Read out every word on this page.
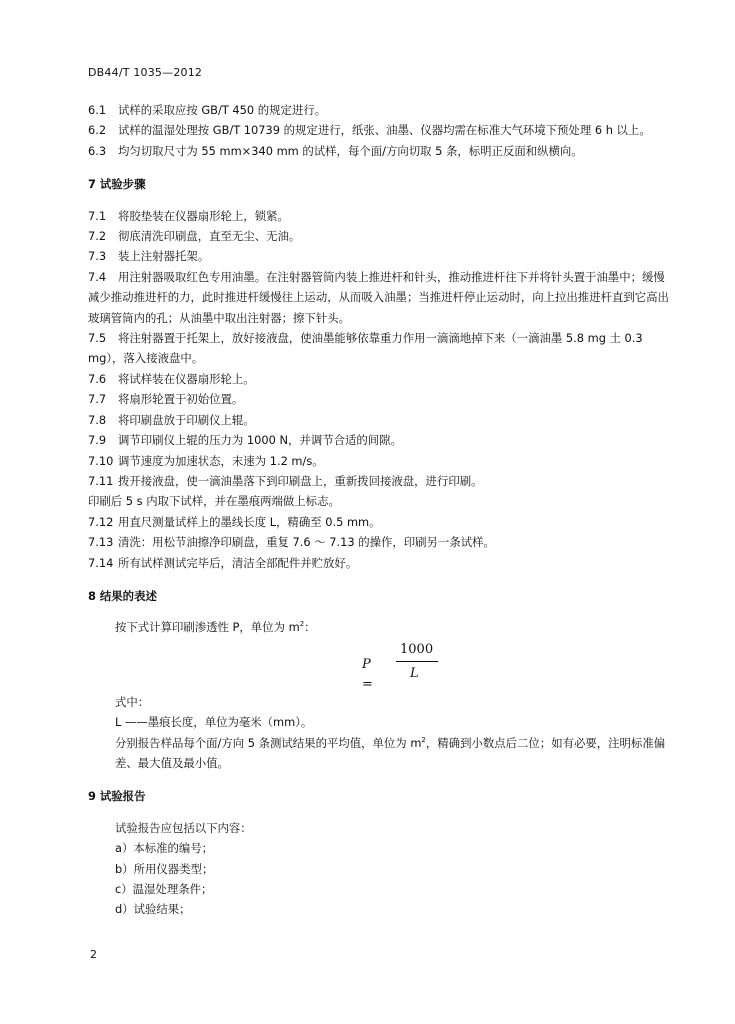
DB44/T 1035—2012

6.1 试样的采取应按 GB/T 450 的规定进行。

6.2 试样的温湿处理按 GB/T 10739 的规定进行，纸张、油墨、仪器均需在标准大气环境下预处理 6 h 以上。

6.3 均匀切取尺寸为 55 mm×340 mm 的试样，每个面/方向切取 5 条，标明正反面和纵横向。

7 试验步骤

7.1 将胶垫装在仪器扇形轮上，锁紧。

7.2 彻底清洗印刷盘，直至无尘、无油。

7.3 装上注射器托架。

7.4 用注射器吸取红色专用油墨。在注射器管筒内装上推进杆和针头，推动推进杆往下并将针头置于油墨中；缓慢减少推动推进杆的力，此时推进杆缓慢往上运动，从而吸入油墨；当推进杆停止运动时，向上拉出推进杆直到它高出玻璃管筒内的孔；从油墨中取出注射器；擦下针头。

7.5 将注射器置于托架上，放好接液盘，使油墨能够依靠重力作用一滴滴地掉下来（一滴油墨 5.8 mg 土 0.3 mg），落入接液盘中。

7.6 将试样装在仪器扇形轮上。

7.7 将扇形轮置于初始位置。

7.8 将印刷盘放于印刷仪上辊。

7.9 调节印刷仪上辊的压力为 1000 N，并调节合适的间隙。

7.10 调节速度为加速状态，末速为 1.2 m/s。

7.11 拨开接液盘，使一滴油墨落下到印刷盘上，重新拨回接液盘，进行印刷。

印刷后 5 s 内取下试样，并在墨痕两端做上标志。

7.12 用直尺测量试样上的墨线长度 L，精确至 0.5 mm。

7.13 清洗：用松节油擦净印刷盘，重复 7.6 ～ 7.13 的操作，印刷另一条试样。

7.14 所有试样测试完毕后，清洁全部配件并贮放好。

8 结果的表述

按下式计算印刷渗透性 P，单位为 $m^2$：

P =
1000
L

式中：

L ——墨痕长度，单位为毫米（mm）。

分别报告样品每个面/方向 5 条测试结果的平均值，单位为 $m^2$，精确到小数点后二位；如有必要，注明标准偏差、最大值及最小值。

9 试验报告

试验报告应包括以下内容：

a）本标准的编号；

b）所用仪器类型；

c）温湿处理条件；

d）试验结果；

2
